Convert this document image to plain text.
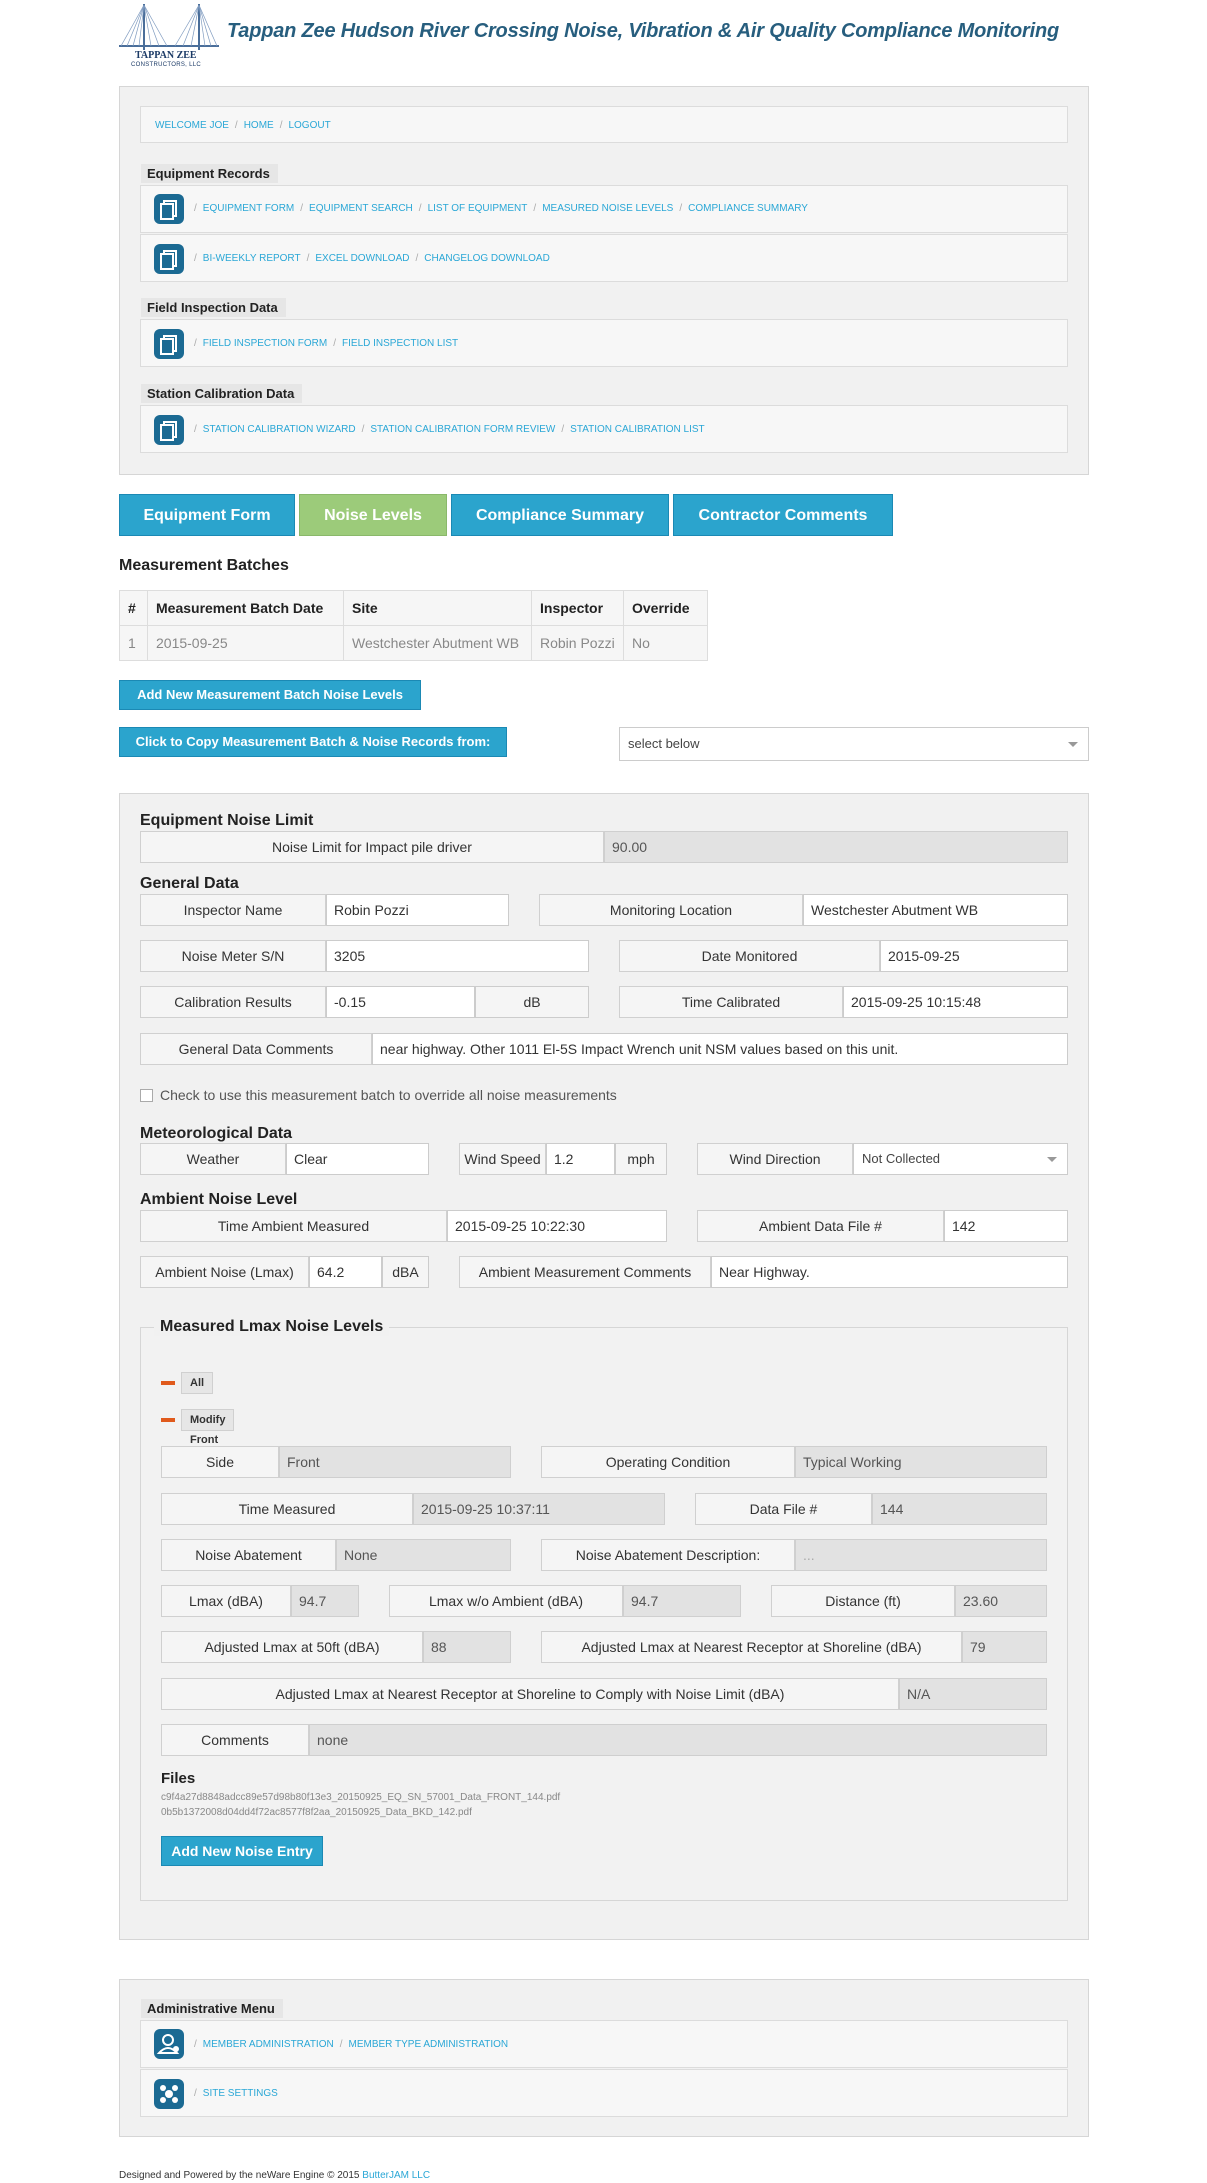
TAPPAN ZEE
CONSTRUCTORS, LLC
Tappan Zee Hudson River Crossing Noise, Vibration & Air Quality Compliance Monitoring
WELCOME JOE / HOME / LOGOUT
Equipment Records
/ EQUIPMENT FORM / EQUIPMENT SEARCH / LIST OF EQUIPMENT / MEASURED NOISE LEVELS / COMPLIANCE SUMMARY
/ BI-WEEKLY REPORT / EXCEL DOWNLOAD / CHANGELOG DOWNLOAD
Field Inspection Data
/ FIELD INSPECTION FORM / FIELD INSPECTION LIST
Station Calibration Data
/ STATION CALIBRATION WIZARD / STATION CALIBRATION FORM REVIEW / STATION CALIBRATION LIST
Equipment Form	Noise Levels	Compliance Summary	Contractor Comments
Measurement Batches
#	Measurement Batch Date	Site	Inspector	Override
1	2015-09-25	Westchester Abutment WB	Robin Pozzi	No
Add New Measurement Batch Noise Levels
Click to Copy Measurement Batch & Noise Records from:	select below
Equipment Noise Limit
Noise Limit for Impact pile driver	90.00
General Data
Inspector Name	Robin Pozzi	Monitoring Location	Westchester Abutment WB
Noise Meter S/N	3205	Date Monitored	2015-09-25
Calibration Results	-0.15	dB	Time Calibrated	2015-09-25 10:15:48
General Data Comments	near highway. Other 1011 El-5S Impact Wrench unit NSM values based on this unit.
Check to use this measurement batch to override all noise measurements
Meteorological Data
Weather	Clear	Wind Speed 1.2	mph	Wind Direction	Not Collected
Ambient Noise Level
Time Ambient Measured	2015-09-25 10:22:30	Ambient Data File #	142
Ambient Noise (Lmax)	64.2	dBA	Ambient Measurement Comments	Near Highway.
Measured Lmax Noise Levels
All
Modify Front
Side	Front	Operating Condition	Typical Working
Time Measured	2015-09-25 10:37:11	Data File #	144
Noise Abatement	None	Noise Abatement Description:	...
Lmax (dBA)	94.7	Lmax w/o Ambient (dBA)	94.7	Distance (ft)	23.60
Adjusted Lmax at 50ft (dBA)	88	Adjusted Lmax at Nearest Receptor at Shoreline (dBA)	79
Adjusted Lmax at Nearest Receptor at Shoreline to Comply with Noise Limit (dBA)	N/A
Comments	none
Files
c9f4a27d8848adcc89e57d98b80f13e3_20150925_EQ_SN_57001_Data_FRONT_144.pdf
0b5b1372008d04dd4f72ac8577f8f2aa_20150925_Data_BKD_142.pdf
Add New Noise Entry
Administrative Menu
/ MEMBER ADMINISTRATION / MEMBER TYPE ADMINISTRATION
/ SITE SETTINGS
Designed and Powered by the neWare Engine © 2015 ButterJAM LLC
